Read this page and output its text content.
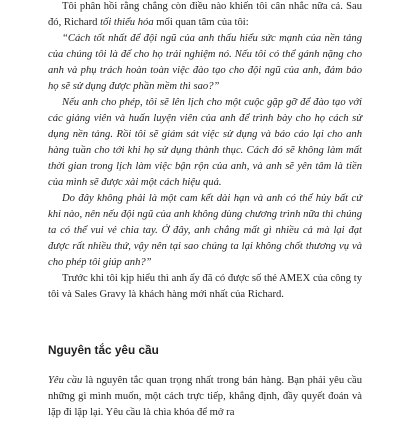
Tôi phân hồi rằng chẳng còn điều nào khiến tôi cân nhắc nữa cả. Sau đó, Richard tối thiểu hóa mối quan tâm của tôi:

“Cách tốt nhất để đội ngũ của anh thấu hiểu sức mạnh của nền tảng của chúng tôi là để cho họ trải nghiệm nó. Nếu tôi có thể gánh nặng cho anh và phụ trách hoàn toàn việc đào tạo cho đội ngũ của anh, đảm bảo họ sẽ sử dụng được phần mềm thì sao?”

Nếu anh cho phép, tôi sẽ lên lịch cho một cuộc gặp gỡ để đào tạo với các giảng viên và huấn luyện viên của anh để trình bày cho họ cách sử dụng nền tảng. Rồi tôi sẽ giám sát việc sử dụng và báo cáo lại cho anh hàng tuần cho tới khi họ sử dụng thành thục. Cách đó sẽ không làm mất thời gian trong lịch làm việc bận rộn của anh, và anh sẽ yên tâm là tiền của mình sẽ được xài một cách hiệu quả.

Do đây không phải là một cam kết dài hạn và anh có thể hủy bất cứ khi nào, nên nếu đội ngũ của anh không dùng chương trình nữa thì chúng ta có thể vui vẻ chia tay. Ở đây, anh chẳng mất gì nhiều cả mà lại đạt được rất nhiều thứ, vậy nên tại sao chúng ta lại không chốt thương vụ và cho phép tôi giúp anh?”

Trước khi tôi kịp hiểu thì anh ấy đã có được số thẻ AMEX của công ty tôi và Sales Gravy là khách hàng mới nhất của Richard.

Nguyên tắc yêu cầu

Yêu cầu là nguyên tắc quan trọng nhất trong bán hàng. Bạn phải yêu cầu những gì mình muốn, một cách trực tiếp, khẳng định, đầy quyết đoán và lặp đi lặp lại. Yêu cầu là chìa khóa để mở ra
